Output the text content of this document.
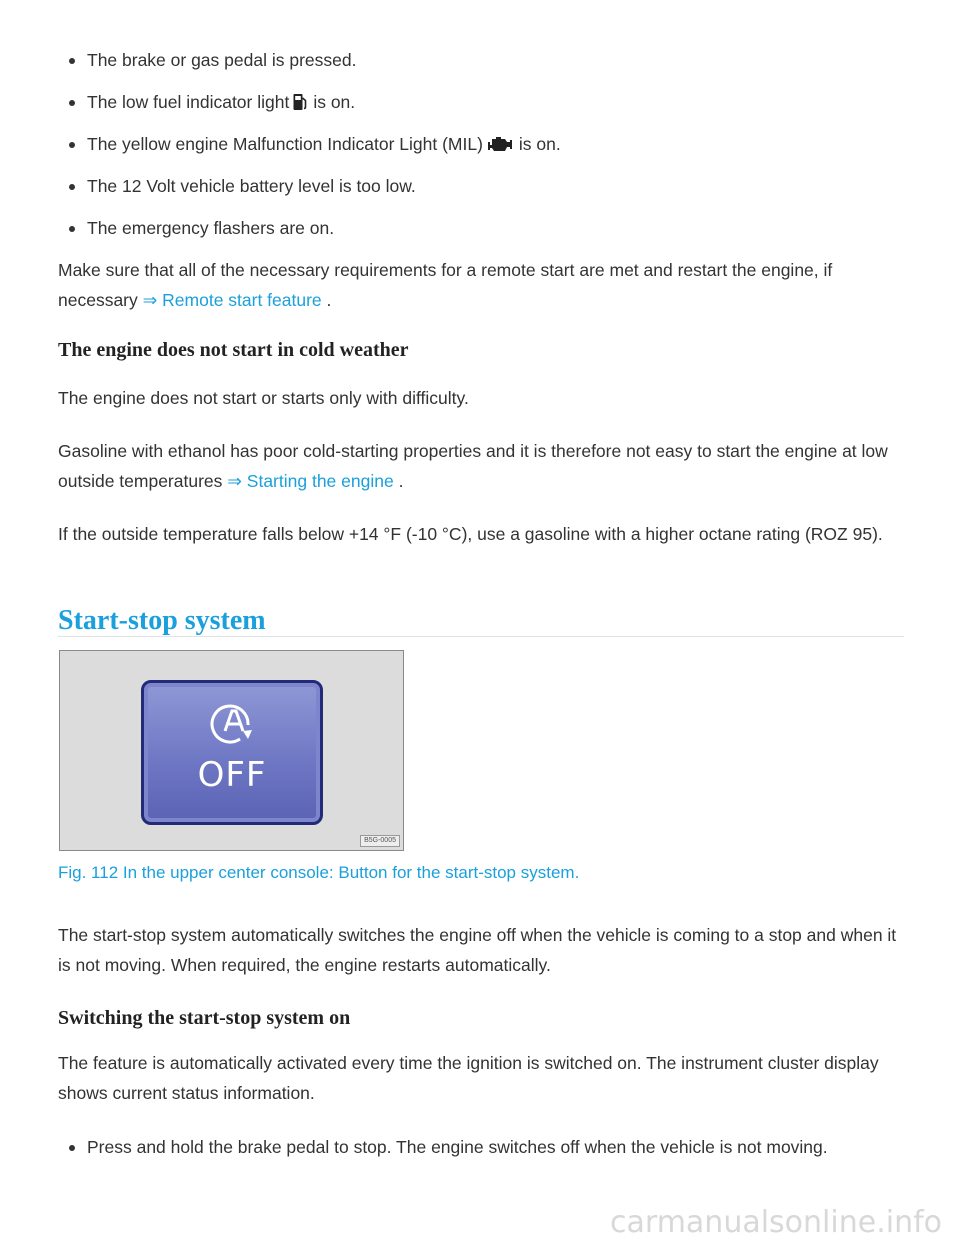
The brake or gas pedal is pressed.
The low fuel indicator light is on.
The yellow engine Malfunction Indicator Light (MIL) is on.
The 12 Volt vehicle battery level is too low.
The emergency flashers are on.

Make sure that all of the necessary requirements for a remote start are met and restart the engine, if necessary ⇒ Remote start feature .

The engine does not start in cold weather

The engine does not start or starts only with difficulty.

Gasoline with ethanol has poor cold-starting properties and it is therefore not easy to start the engine at low outside temperatures ⇒ Starting the engine .

If the outside temperature falls below +14 °F (-10 °C), use a gasoline with a higher octane rating (ROZ 95).

Start-stop system
OFF
B5G-0005
Fig. 112 In the upper center console: Button for the start-stop system.

The start-stop system automatically switches the engine off when the vehicle is coming to a stop and when it is not moving. When required, the engine restarts automatically.

Switching the start-stop system on

The feature is automatically activated every time the ignition is switched on. The instrument cluster display shows current status information.

Press and hold the brake pedal to stop. The engine switches off when the vehicle is not moving.
carmanualsonline.info
